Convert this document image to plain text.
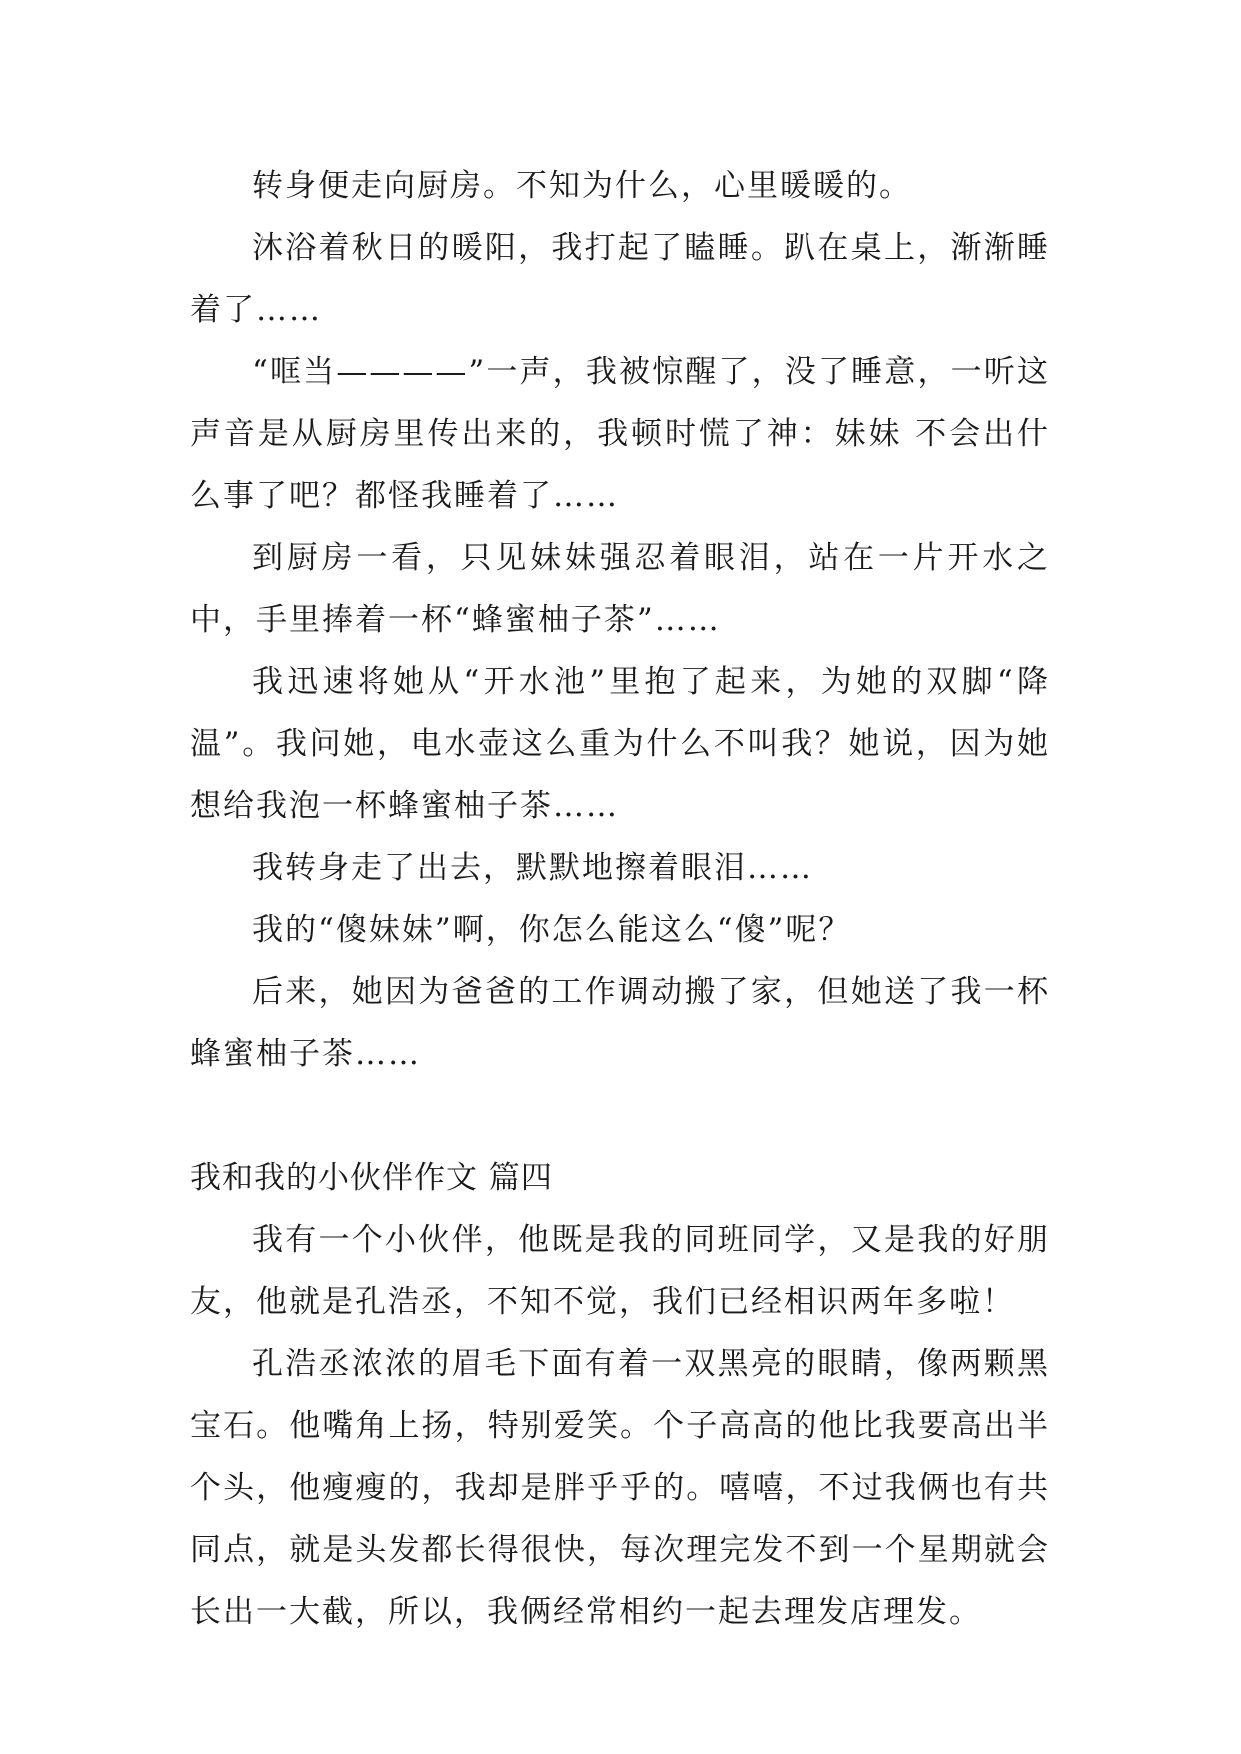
转身便走向厨房。不知为什么，心里暖暖的。

沐浴着秋日的暖阳，我打起了瞌睡。趴在桌上，渐渐睡着了……

“哐当————”一声，我被惊醒了，没了睡意，一听这声音是从厨房里传出来的，我顿时慌了神：妹妹 不会出什么事了吧？都怪我睡着了……

到厨房一看，只见妹妹强忍着眼泪，站在一片开水之中，手里捧着一杯“蜂蜜柚子茶”……

我迅速将她从“开水池”里抱了起来，为她的双脚“降温”。我问她，电水壶这么重为什么不叫我？她说，因为她想给我泡一杯蜂蜜柚子茶……

我转身走了出去，默默地擦着眼泪……

我的“傻妹妹”啊，你怎么能这么“傻”呢？

后来，她因为爸爸的工作调动搬了家，但她送了我一杯蜂蜜柚子茶……

我和我的小伙伴作文 篇四

我有一个小伙伴，他既是我的同班同学，又是我的好朋友，他就是孔浩丞，不知不觉，我们已经相识两年多啦！

孔浩丞浓浓的眉毛下面有着一双黑亮的眼睛，像两颗黑宝石。他嘴角上扬，特别爱笑。个子高高的他比我要高出半个头，他瘦瘦的，我却是胖乎乎的。嘻嘻，不过我俩也有共同点，就是头发都长得很快，每次理完发不到一个星期就会长出一大截，所以，我俩经常相约一起去理发店理发。
